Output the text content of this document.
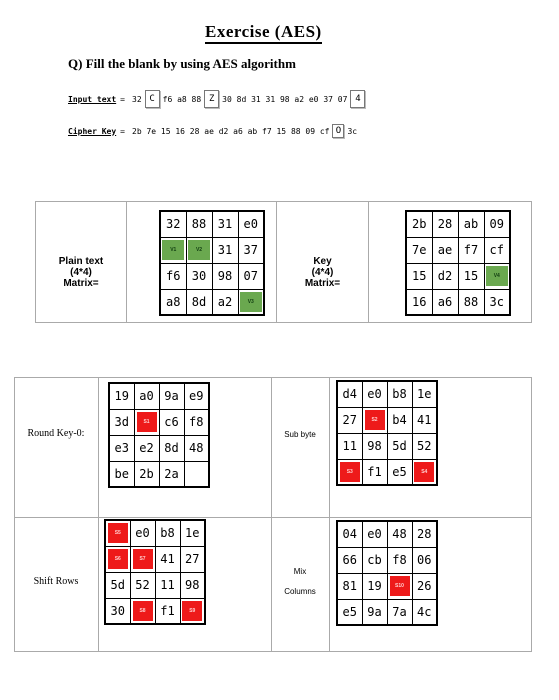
Exercise (AES)
Q) Fill the blank by using AES algorithm
Input text = 32 C f6 a8 88 Z 30 8d 31 31 98 a2 e0 37 07 4
Cipher Key = 2b 7e 15 16 28 ae d2 a6 ab f7 15 88 09 cf O 3c
Plain text
(4*4)
Matrix=
Key
(4*4)
Matrix=
32	88	31	e0
V1	V2	31	37
f6	30	98	07
a8	8d	a2	V3
2b	28	ab	09
7e	ae	f7	cf
15	d2	15	V4
16	a6	88	3c
Round Key-0:	Sub byte
Shift Rows
Mix
Columns
19	a0	9a	e9
3d	S1	c6	f8
e3	e2	8d	48
be	2b	2a	
d4	e0	b8	1e
27	S2	b4	41
11	98	5d	52
S3	f1	e5	S4
S5	e0	b8	1e
S6	S7	41	27
5d	52	11	98
30	S8	f1	S9
04	e0	48	28
66	cb	f8	06
81	19	S10	26
e5	9a	7a	4c
